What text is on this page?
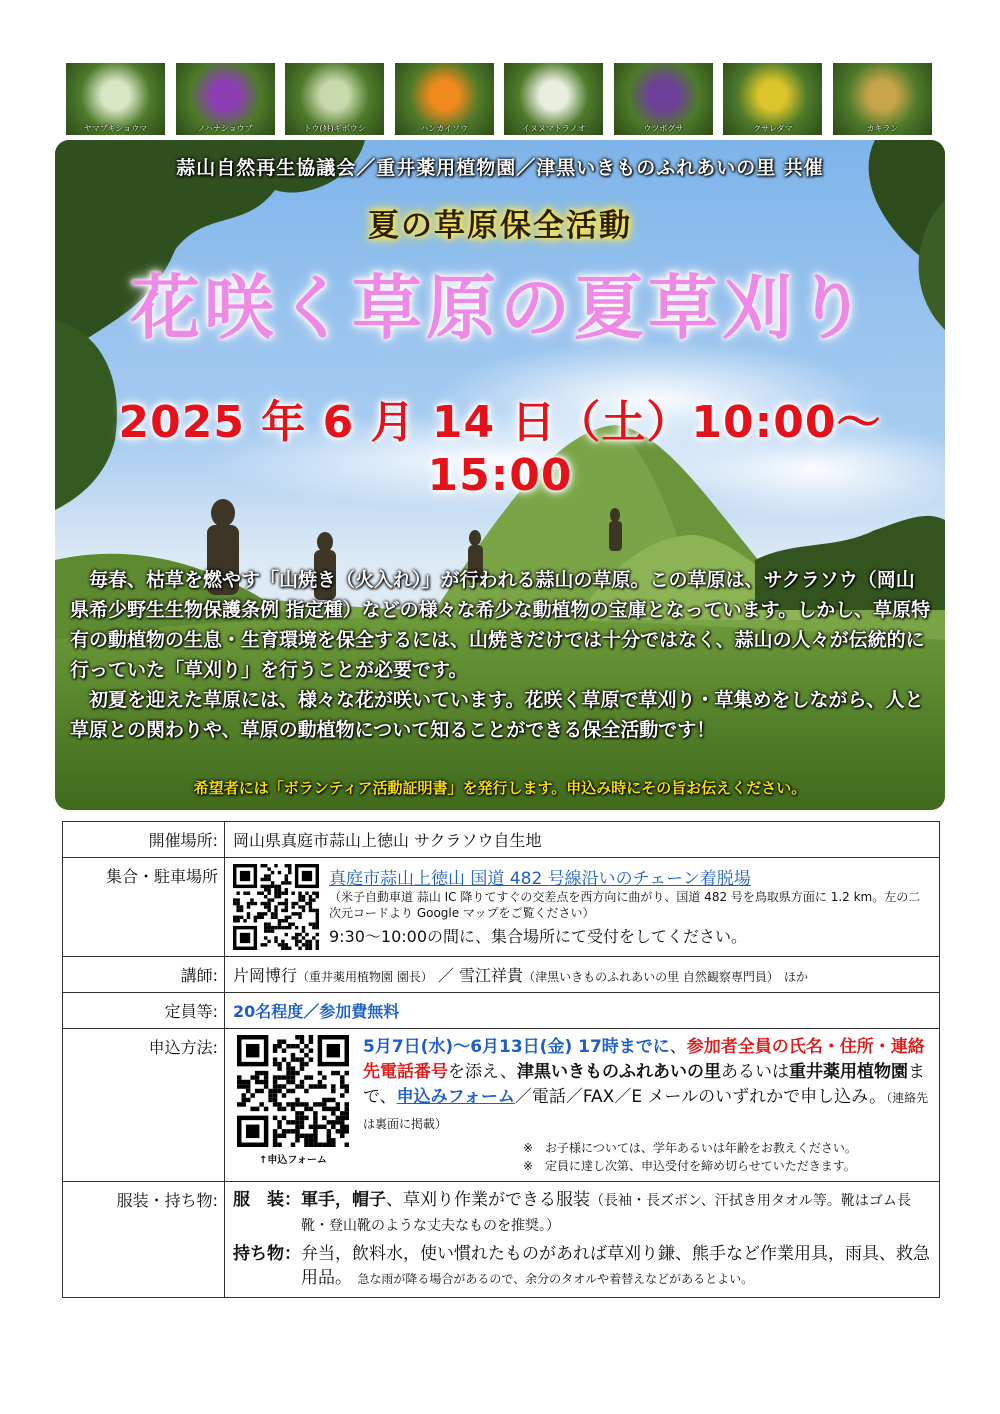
ヤマブキショウマ	ノハナショウブ	トウ(ﾀｷ)ギボウシ	ハンカイソウ	イヌヌマトラノオ	ウツボグサ	クサレダマ	カキラン
蒜山自然再生協議会／重井薬用植物園／津黒いきものふれあいの里 共催
夏の草原保全活動
花咲く草原の夏草刈り
2025 年 6 月 14 日（土）10:00～15:00

毎春、枯草を燃やす「山焼き（火入れ）」が行われる蒜山の草原。この草原は、サクラソウ（岡山県希少野生生物保護条例 指定種）などの様々な希少な動植物の宝庫となっています。しかし、草原特有の動植物の生息・生育環境を保全するには、山焼きだけでは十分ではなく、蒜山の人々が伝統的に行っていた「草刈り」を行うことが必要です。

初夏を迎えた草原には、様々な花が咲いています。花咲く草原で草刈り・草集めをしながら、人と草原との関わりや、草原の動植物について知ることができる保全活動です！

希望者には「ボランティア活動証明書」を発行します。申込み時にその旨お伝えください。
開催場所:	岡山県真庭市蒜山上徳山 サクラソウ自生地
集合・駐車場所	真庭市蒜山上徳山 国道 482 号線沿いのチェーン着脱場
（米子自動車道 蒜山 IC 降りてすぐの交差点を西方向に曲がり、国道 482 号を鳥取県方面に 1.2 km。左の二次元コードより Google マップをご覧ください）
9:30～10:00の間に、集合場所にて受付をしてください。

講師:	片岡博行（重井薬用植物園 園長） ／ 雪江祥貴（津黒いきものふれあいの里 自然観察専門員） ほか
定員等:	20名程度／参加費無料
申込方法:	↑申込フォーム
5月7日(水)～6月13日(金) 17時までに、参加者全員の氏名・住所・連絡先電話番号を添え、津黒いきものふれあいの里あるいは重井薬用植物園まで、申込みフォーム／電話／FAX／E メールのいずれかで申し込み。（連絡先は裏面に掲載）
※　お子様については、学年あるいは年齢をお教えください。
※　定員に達し次第、申込受付を締め切らせていただきます。

服装・持ち物:	服　装： 軍手，帽子、草刈り作業ができる服装（長袖・長ズボン、汗拭き用タオル等。靴はゴム長靴・登山靴のような丈夫なものを推奨。）
持ち物： 弁当，飲料水，使い慣れたものがあれば草刈り鎌、熊手など作業用具，雨具、救急用品。 急な雨が降る場合があるので、余分のタオルや着替えなどがあるとよい。
